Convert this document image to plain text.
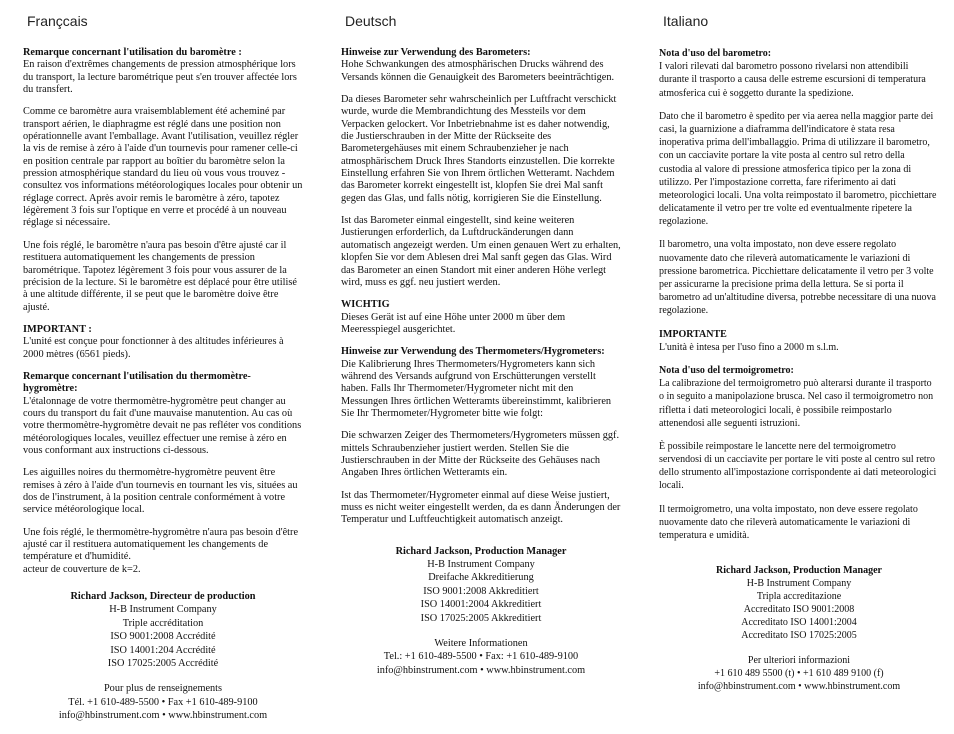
Françcais
Remarque concernant l'utilisation du baromètre :

En raison d'extrêmes changements de pression atmosphérique lors du transport, la lecture barométrique peut s'en trouver affectée lors du transfert.

Comme ce baromètre aura vraisemblablement été acheminé par transport aérien, le diaphragme est réglé dans une position non opérationnelle avant l'emballage. Avant l'utilisation, veuillez régler la vis de remise à zéro à l'aide d'un tournevis pour ramener celle-ci en position centrale par rapport au boîtier du baromètre selon la pression atmosphérique standard du lieu où vous vous trouvez - consultez vos informations météorologiques locales pour obtenir un réglage correct. Après avoir remis le baromètre à zéro, tapotez légèrement 3 fois sur l'optique en verre et procédé à un nouveau réglage si nécessaire.

Une fois réglé, le baromètre n'aura pas besoin d'être ajusté car il restituera automatiquement les changements de pression barométrique. Tapotez légèrement 3 fois pour vous assurer de la précision de la lecture. Si le baromètre est déplacé pour être utilisé à une altitude différente, il se peut que le baromètre doive être ajusté.

IMPORTANT :

L'unité est conçue pour fonctionner à des altitudes inférieures à 2000 mètres (6561 pieds).

Remarque concernant l'utilisation du thermomètre-hygromètre:

L'étalonnage de votre thermomètre-hygromètre peut changer au cours du transport du fait d'une mauvaise manutention. Au cas où votre thermomètre-hygromètre devait ne pas refléter vos conditions météorologiques locales, veuillez effectuer une remise à zéro en vous conformant aux instructions ci-dessous.

Les aiguilles noires du thermomètre-hygromètre peuvent être remises à zéro à l'aide d'un tournevis en tournant les vis, situées au dos de l'instrument, à la position centrale conformément à votre service météorologique local.

Une fois réglé, le thermomètre-hygromètre n'aura pas besoin d'être ajusté car il restituera automatiquement les changements de température et d'humidité.
acteur de couverture de k=2.

Richard Jackson, Directeur de production
H-B Instrument Company
Triple accréditation
ISO 9001:2008 Accrédité
ISO 14001:204 Accrédité
ISO 17025:2005 Accrédité
Pour plus de renseignements
Tél. +1 610-489-5500 • Fax +1 610-489-9100
info@hbinstrument.com • www.hbinstrument.com
Deutsch
Hinweise zur Verwendung des Barometers:

Hohe Schwankungen des atmosphärischen Drucks während des Versands können die Genauigkeit des Barometers beeinträchtigen.

Da dieses Barometer sehr wahrscheinlich per Luftfracht verschickt wurde, wurde die Membrandichtung des Messteils vor dem Verpacken gelockert. Vor Inbetriebnahme ist es daher notwendig, die Justierschrauben in der Mitte der Rückseite des Barometergehäuses mit einem Schraubenzieher je nach atmosphärischem Druck Ihres Standorts einzustellen. Die korrekte Einstellung erfahren Sie von Ihrem örtlichen Wetteramt. Nachdem das Barometer korrekt eingestellt ist, klopfen Sie drei Mal sanft gegen das Glas, und falls nötig, korrigieren Sie die Einstellung.

Ist das Barometer einmal eingestellt, sind keine weiteren Justierungen erforderlich, da Luftdruckänderungen dann automatisch angezeigt werden. Um einen genauen Wert zu erhalten, klopfen Sie vor dem Ablesen drei Mal sanft gegen das Glas. Wird das Barometer an einen Standort mit einer anderen Höhe verlegt wird, muss es ggf. neu justiert werden.

WICHTIG

Dieses Gerät ist auf eine Höhe unter 2000 m über dem Meeresspiegel ausgerichtet.

Hinweise zur Verwendung des Thermometers/Hygrometers:

Die Kalibrierung Ihres Thermometers/Hygrometers kann sich während des Versands aufgrund von Erschütterungen verstellt haben. Falls Ihr Thermometer/Hygrometer nicht mit den Messungen Ihres örtlichen Wetteramts übereinstimmt, kalibrieren Sie Ihr Thermometer/Hygrometer bitte wie folgt:

Die schwarzen Zeiger des Thermometers/Hygrometers müssen ggf. mittels Schraubenzieher justiert werden. Stellen Sie die Justierschrauben in der Mitte der Rückseite des Gehäuses nach Angaben Ihres örtlichen Wetteramts ein.

Ist das Thermometer/Hygrometer einmal auf diese Weise justiert, muss es nicht weiter eingestellt werden, da es dann Änderungen der Temperatur und Luftfeuchtigkeit automatisch anzeigt.

Richard Jackson, Production Manager
H-B Instrument Company
Dreifache Akkreditierung
ISO 9001:2008 Akkreditiert
ISO 14001:2004 Akkreditiert
ISO 17025:2005 Akkreditiert
Weitere Informationen
Tel.: +1 610-489-5500 • Fax: +1 610-489-9100
info@hbinstrument.com • www.hbinstrument.com
Italiano
Nota d'uso del barometro:

I valori rilevati dal barometro possono rivelarsi non attendibili durante il trasporto a causa delle estreme escursioni di temperatura atmosferica cui è soggetto durante la spedizione.

Dato che il barometro è spedito per via aerea nella maggior parte dei casi, la guarnizione a diaframma dell'indicatore è stata resa inoperativa prima dell'imballaggio. Prima di utilizzare il barometro, con un cacciavite portare la vite posta al centro sul retro della custodia al valore di pressione atmosferica tipico per la zona di utilizzo. Per l'impostazione corretta, fare riferimento ai dati meteorologici locali. Una volta reimpostato il barometro, picchiettare delicatamente il vetro per tre volte ed eventualmente ripetere la regolazione.

Il barometro, una volta impostato, non deve essere regolato nuovamente dato che rileverà automaticamente le variazioni di pressione barometrica. Picchiettare delicatamente il vetro per 3 volte per assicurarne la precisione prima della lettura. Se si porta il barometro ad un'altitudine diversa, potrebbe necessitare di una nuova regolazione.

IMPORTANTE

L'unità è intesa per l'uso fino a 2000 m s.l.m.

Nota d'uso del termoigrometro:

La calibrazione del termoigrometro può alterarsi durante il trasporto o in seguito a manipolazione brusca. Nel caso il termoigrometro non rifletta i dati meteorologici locali, è possibile reimpostarlo attenendosi alle seguenti istruzioni.

È possibile reimpostare le lancette nere del termoigrometro servendosi di un cacciavite per portare le viti poste al centro sul retro dello strumento all'impostazione corrispondente ai dati meteorologici locali.

Il termoigrometro, una volta impostato, non deve essere regolato nuovamente dato che rileverà automaticamente le variazioni di temperatura e umidità.

Richard Jackson, Production Manager
H-B Instrument Company
Tripla accreditazione
Accreditato ISO 9001:2008
Accreditato ISO 14001:2004
Accreditato ISO 17025:2005
Per ulteriori informazioni
+1 610 489 5500 (t) • +1 610 489 9100 (f)
info@hbinstrument.com • www.hbinstrument.com
